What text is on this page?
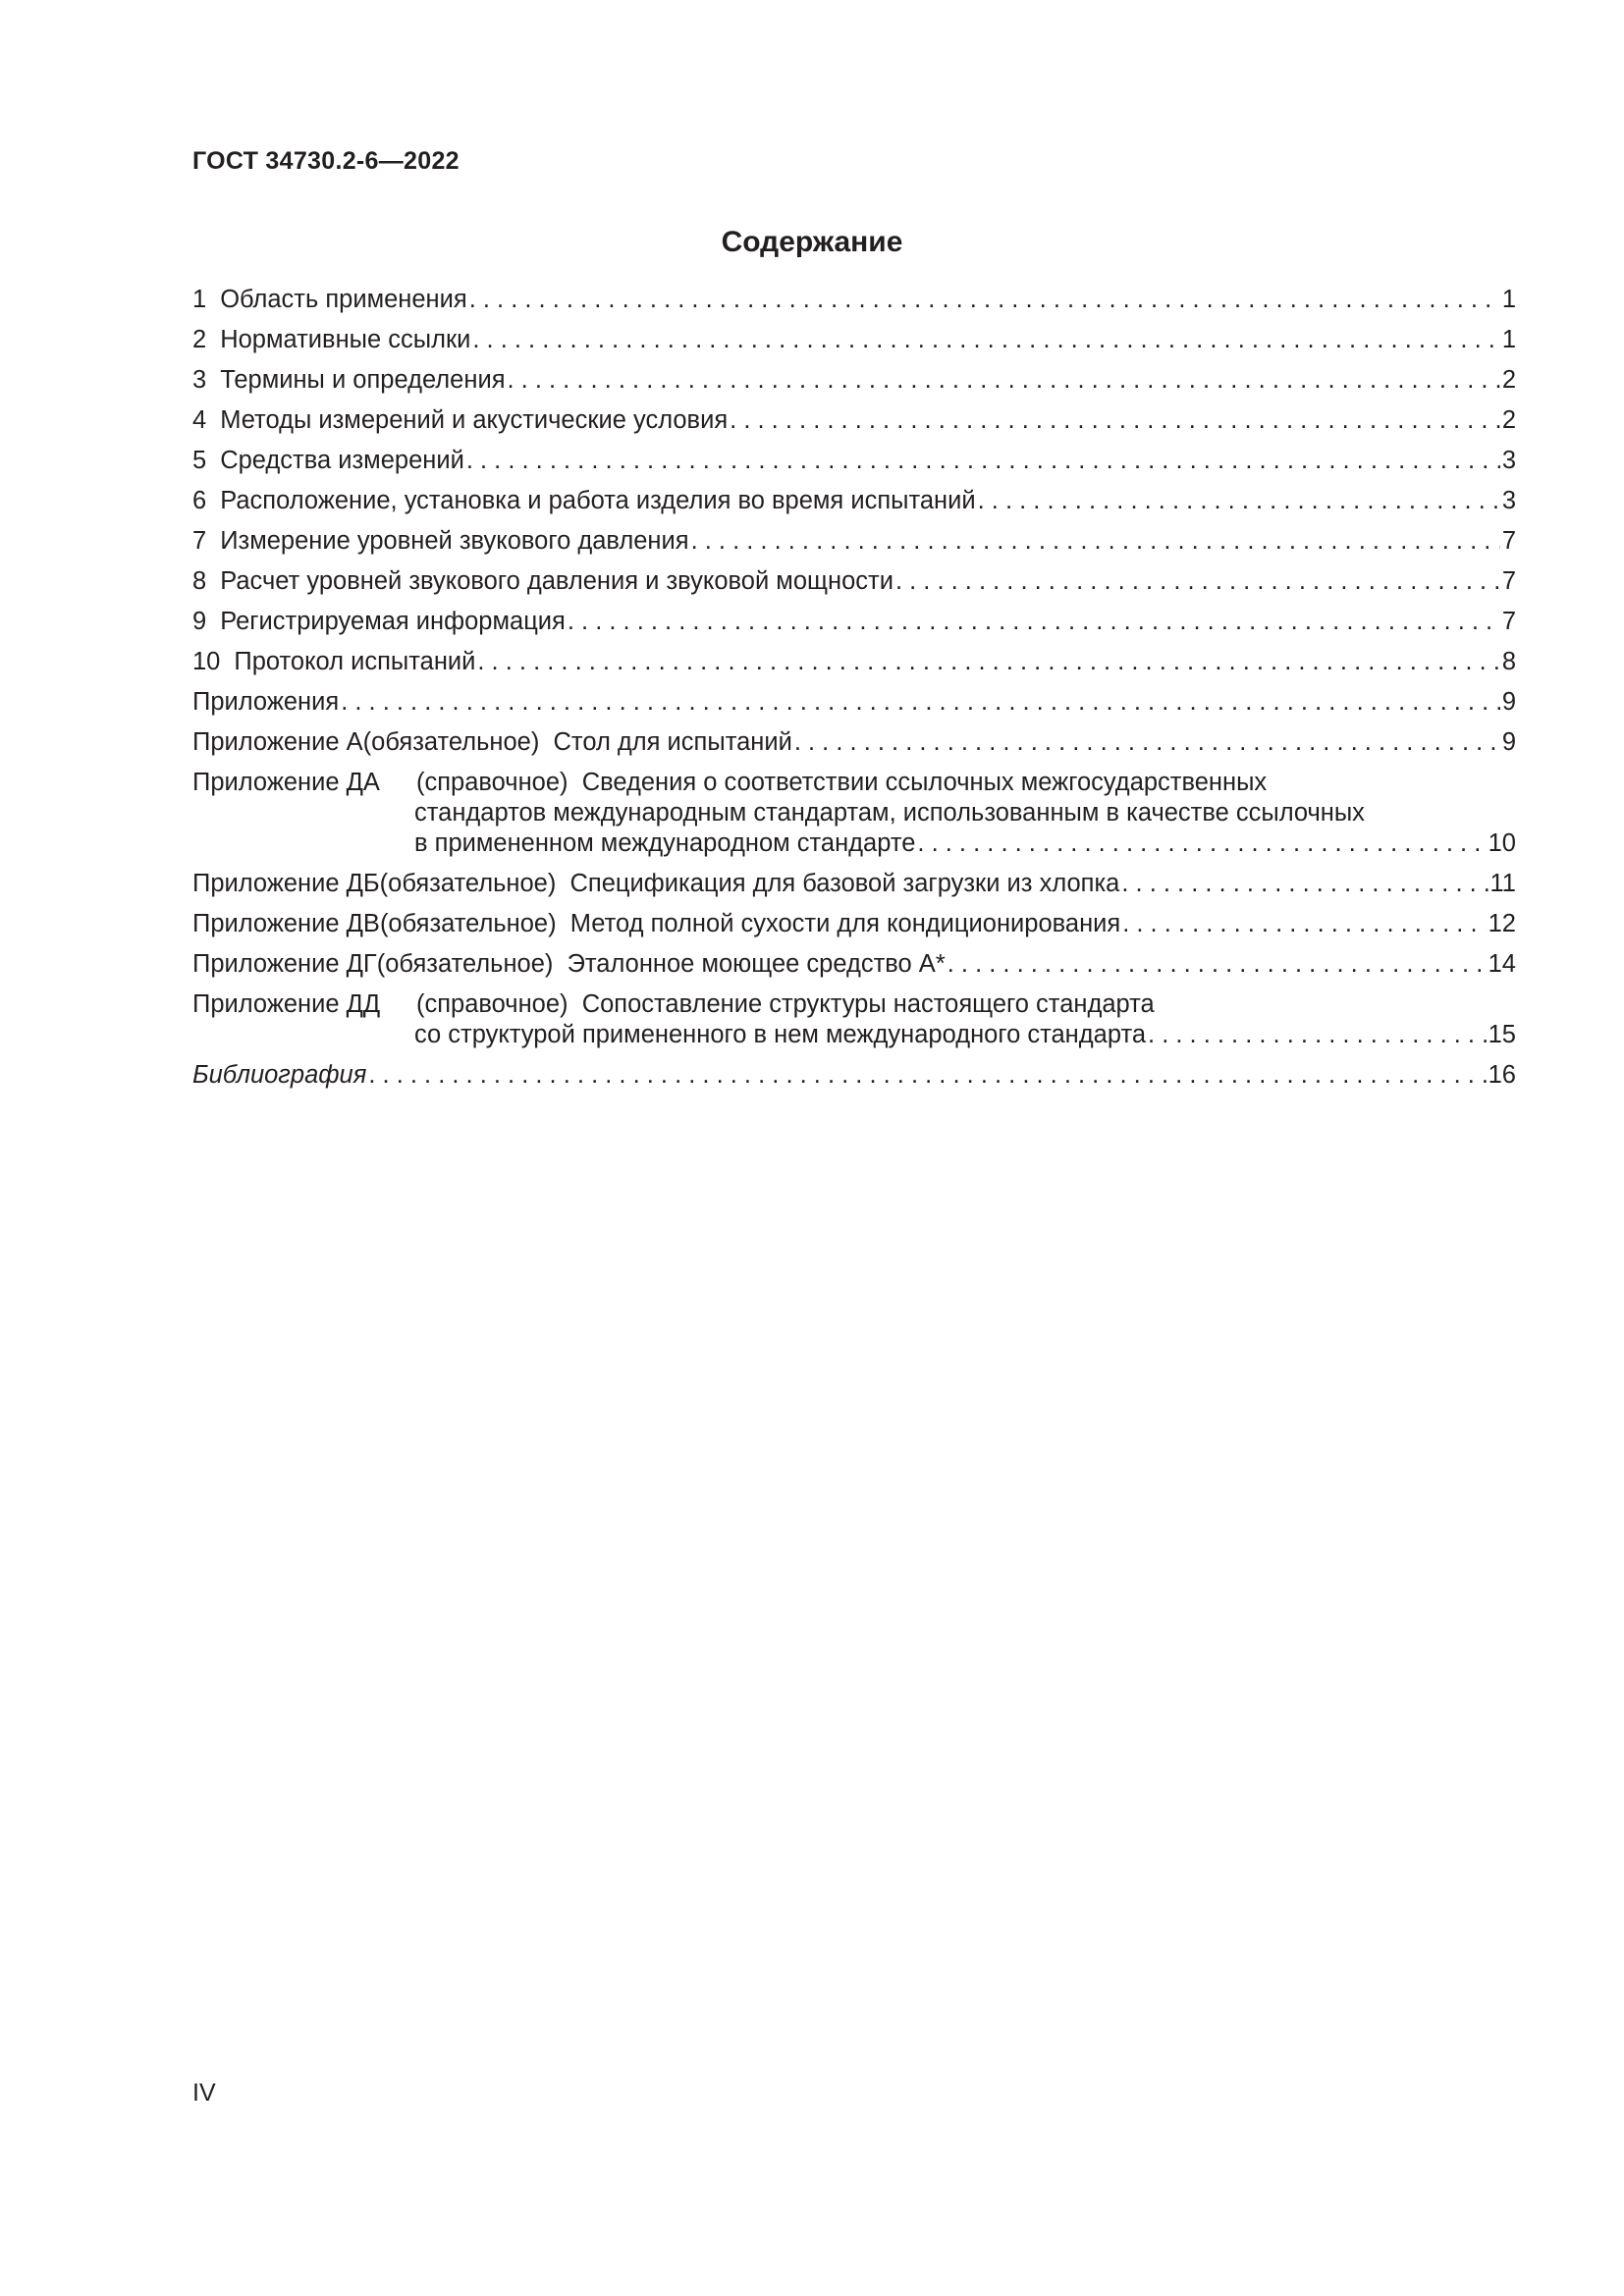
ГОСТ 34730.2-6—2022
Содержание
1 Область применения . . .	1
2 Нормативные ссылки . . .	1
3 Термины и определения . . .	2
4 Методы измерений и акустические условия . . .	2
5 Средства измерений . . .	3
6 Расположение, установка и работа изделия во время испытаний . . .	3
7 Измерение уровней звукового давления . . .	7
8 Расчет уровней звукового давления и звуковой мощности . . .	7
9 Регистрируемая информация . . .	7
10 Протокол испытаний . . .	8
Приложения . . .	9
Приложение А (обязательное)
Стол для испытаний . . .	9
Приложение ДА	(справочное)
Сведения о соответствии ссылочных межгосударственных
стандартов международным стандартам, использованным в качестве ссылочных
в примененном международном стандарте . . .	10
Приложение ДБ (обязательное)
Спецификация для базовой загрузки из хлопка . . .	11
Приложение ДВ (обязательное)
Метод полной сухости для кондиционирования . . .	12
Приложение ДГ (обязательное)
Эталонное моющее средство А* . . .	14
Приложение ДД	(справочное)
Сопоставление структуры настоящего стандарта
со структурой примененного в нем международного стандарта . . .	15
Библиография . . .	16
IV
